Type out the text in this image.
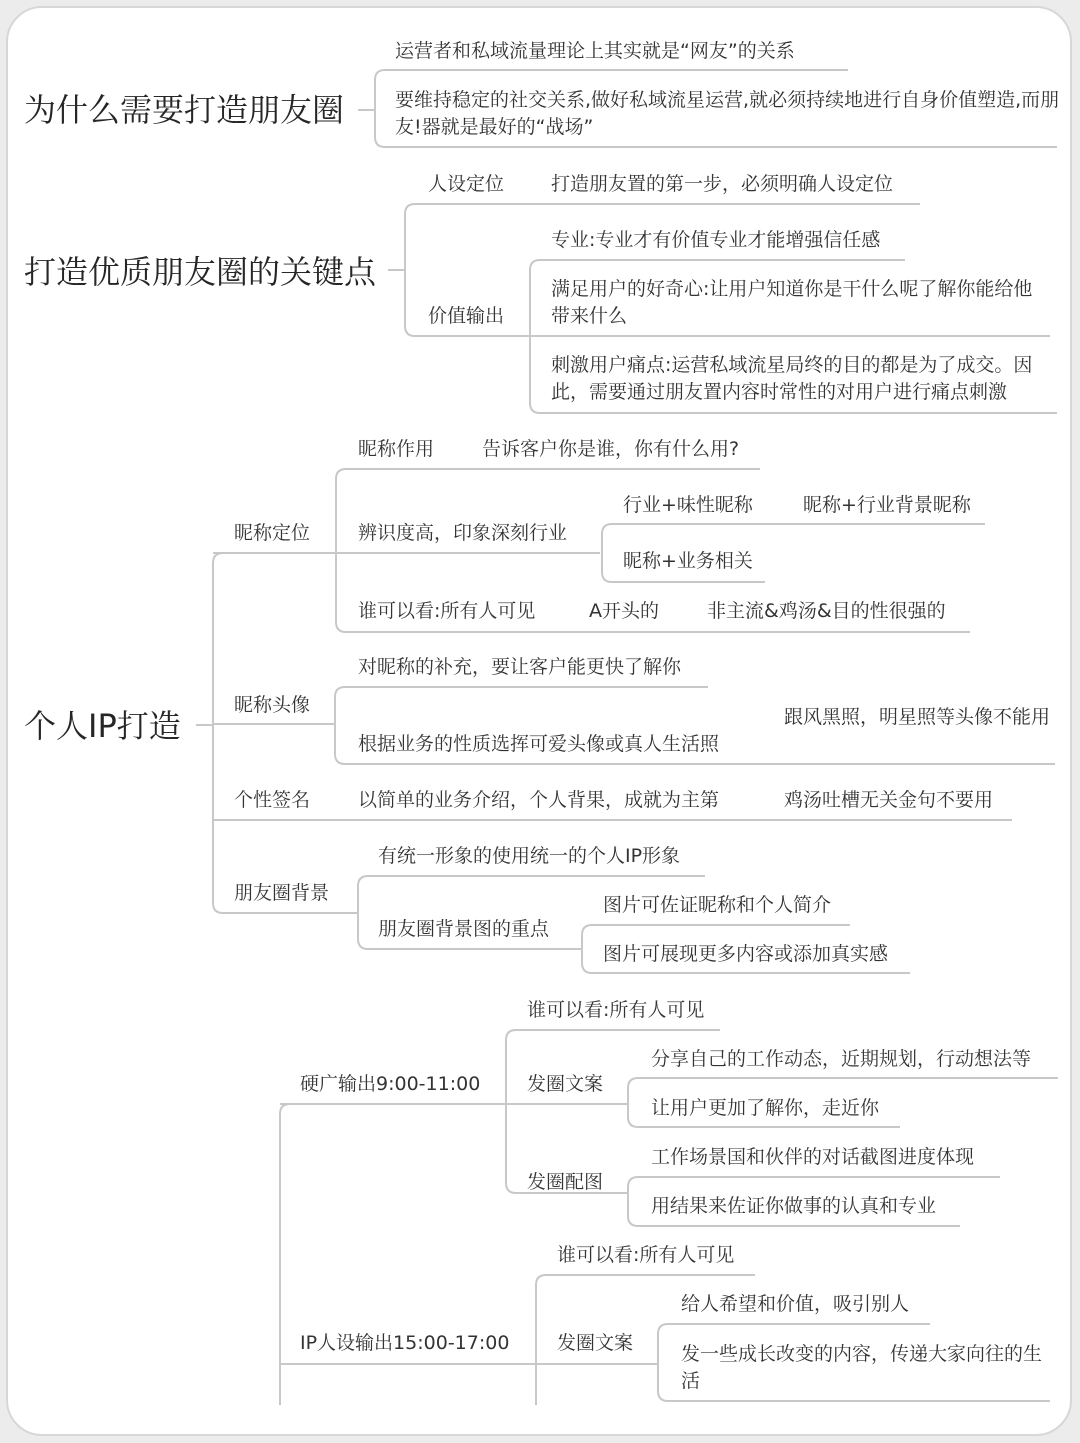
为什么需要打造朋友圈
运营者和私域流量理论上其实就是“网友”的关系
要维持稳定的社交关系,做好私域流星运营,就必须持续地进行自身价值塑造,而朋友!器就是最好的“战场”
打造优质朋友圈的关键点
人设定位 打造朋友置的第一步，必须明确人设定位
价值输出
专业:专业才有价值专业才能增强信任感
满足用户的好奇心:让用户知道你是干什么呢了解你能给他带来什么
刺激用户痛点:运营私域流星局终的目的都是为了成交。因此，需要通过朋友置内容时常性的对用户进行痛点刺激
个人IP打造
昵称定位
昵称作用	告诉客户你是谁，你有什么用?
辨识度高，印象深刻行业
行业+味性昵称	昵称+行业背景昵称
昵称+业务相关
谁可以看:所有人可见	A开头的	非主流&鸡汤&目的性很强的
昵称头像
对昵称的补充，要让客户能更快了解你
根据业务的性质选挥可爱头像或真人生活照
跟风黑照，明星照等头像不能用
个性签名	以简单的业务介绍，个人背果，成就为主第	鸡汤吐槽无关金句不要用
朋友圈背景
有统一形象的使用统一的个人IP形象
朋友圈背景图的重点
图片可佐证昵称和个人简介
图片可展现更多内容或添加真实感
硬广输出9:00-11:00
谁可以看:所有人可见
发圈文案
分享自己的工作动态，近期规划，行动想法等
让用户更加了解你，走近你
发圈配图
工作场景国和伙伴的对话截图进度体现
用结果来佐证你做事的认真和专业
IP人设输出15:00-17:00
谁可以看:所有人可见
发圈文案
给人希望和价值，吸引别人
发一些成长改变的内容，传递大家向往的生活
